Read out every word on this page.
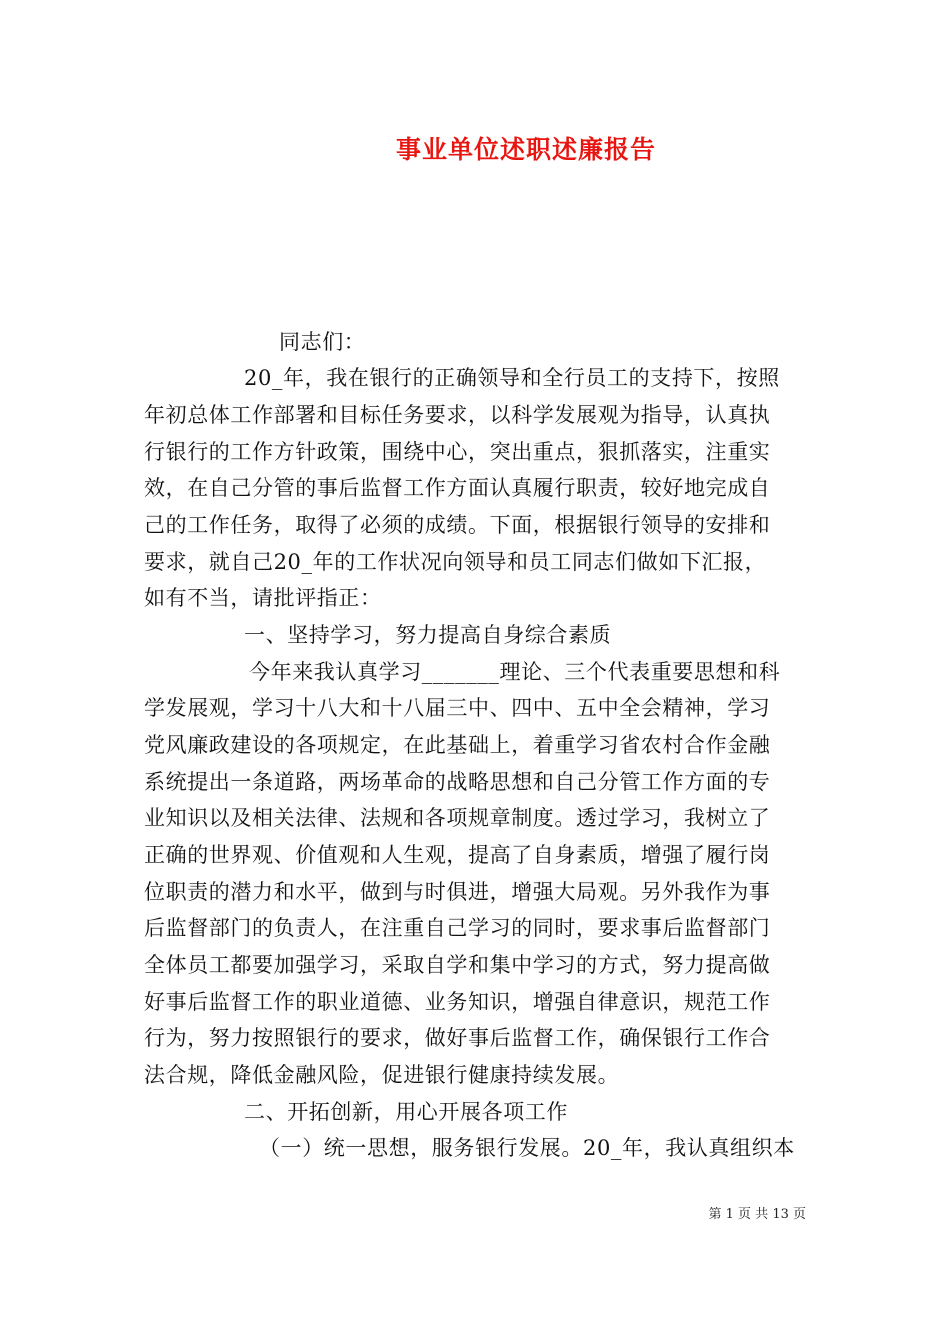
事业单位述职述廉报告
同志们：
20_年，我在银行的正确领导和全行员工的支持下，按照
年初总体工作部署和目标任务要求，以科学发展观为指导，认真执
行银行的工作方针政策，围绕中心，突出重点，狠抓落实，注重实
效，在自己分管的事后监督工作方面认真履行职责，较好地完成自
己的工作任务，取得了必须的成绩。下面，根据银行领导的安排和
要求，就自己20_年的工作状况向领导和员工同志们做如下汇报，
如有不当，请批评指正：
一、坚持学习，努力提高自身综合素质
今年来我认真学习_______理论、三个代表重要思想和科
学发展观，学习十八大和十八届三中、四中、五中全会精神，学习
党风廉政建设的各项规定，在此基础上，着重学习省农村合作金融
系统提出一条道路，两场革命的战略思想和自己分管工作方面的专
业知识以及相关法律、法规和各项规章制度。透过学习，我树立了
正确的世界观、价值观和人生观，提高了自身素质，增强了履行岗
位职责的潜力和水平，做到与时俱进，增强大局观。另外我作为事
后监督部门的负责人，在注重自己学习的同时，要求事后监督部门
全体员工都要加强学习，采取自学和集中学习的方式，努力提高做
好事后监督工作的职业道德、业务知识，增强自律意识，规范工作
行为，努力按照银行的要求，做好事后监督工作，确保银行工作合
法合规，降低金融风险，促进银行健康持续发展。
二、开拓创新，用心开展各项工作
（一）统一思想，服务银行发展。20_年，我认真组织本
第 1 页 共 13 页
